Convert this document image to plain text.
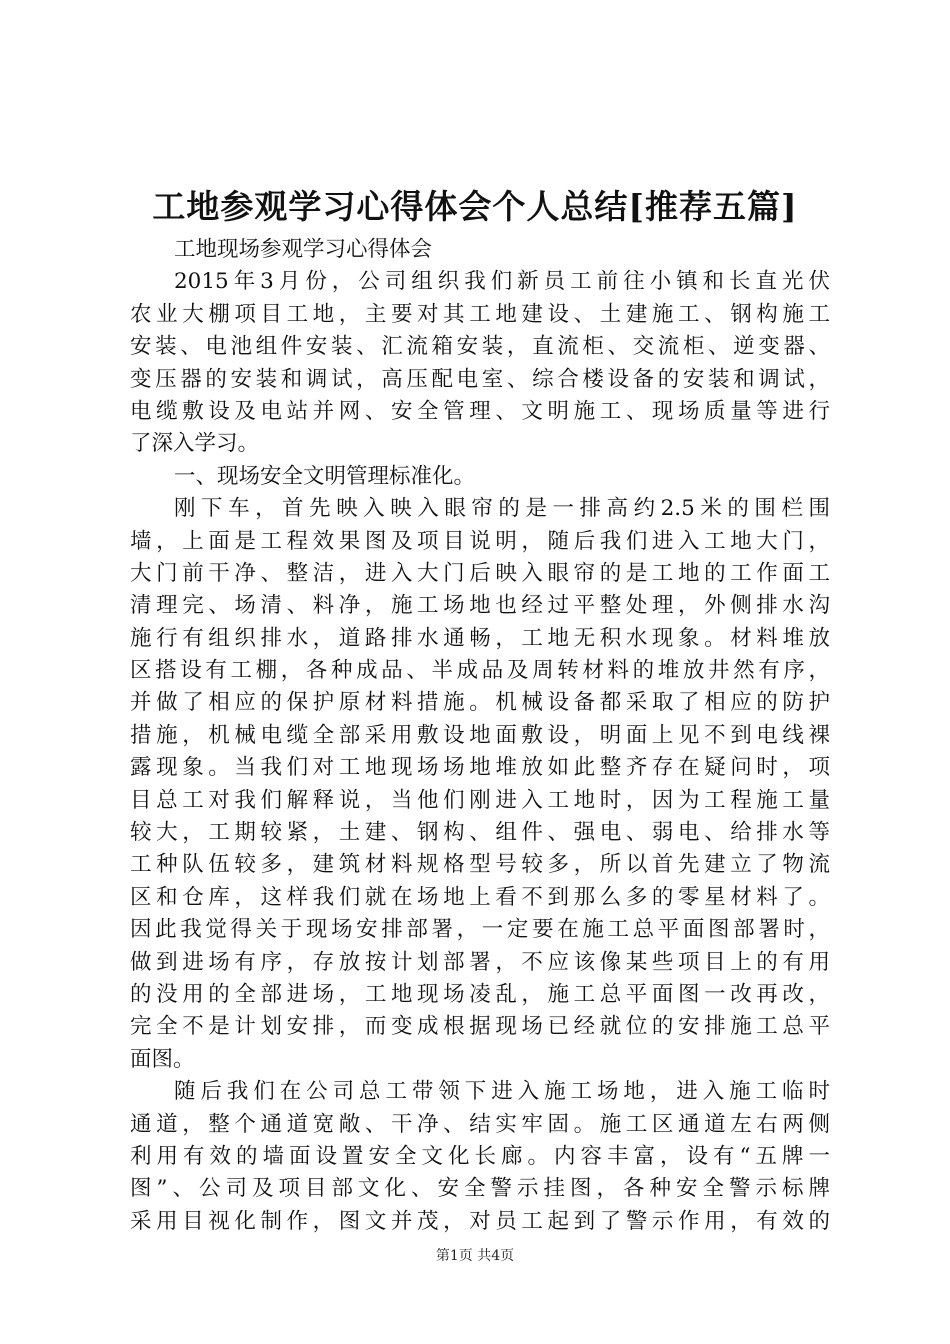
工地参观学习心得体会个人总结[推荐五篇]
工地现场参观学习心得体会
2015年3月份，公司组织我们新员工前往小镇和长直光伏
农业大棚项目工地，主要对其工地建设、土建施工、钢构施工
安装、电池组件安装、汇流箱安装，直流柜、交流柜、逆变器、
变压器的安装和调试，高压配电室、综合楼设备的安装和调试，
电缆敷设及电站并网、安全管理、文明施工、现场质量等进行
了深入学习。
一、现场安全文明管理标准化。
刚下车，首先映入映入眼帘的是一排高约2.5米的围栏围
墙，上面是工程效果图及项目说明，随后我们进入工地大门，
大门前干净、整洁，进入大门后映入眼帘的是工地的工作面工
清理完、场清、料净，施工场地也经过平整处理，外侧排水沟
施行有组织排水，道路排水通畅，工地无积水现象。材料堆放
区搭设有工棚，各种成品、半成品及周转材料的堆放井然有序，
并做了相应的保护原材料措施。机械设备都采取了相应的防护
措施，机械电缆全部采用敷设地面敷设，明面上见不到电线裸
露现象。当我们对工地现场场地堆放如此整齐存在疑问时，项
目总工对我们解释说，当他们刚进入工地时，因为工程施工量
较大，工期较紧，土建、钢构、组件、强电、弱电、给排水等
工种队伍较多，建筑材料规格型号较多，所以首先建立了物流
区和仓库，这样我们就在场地上看不到那么多的零星材料了。
因此我觉得关于现场安排部署，一定要在施工总平面图部署时，
做到进场有序，存放按计划部署，不应该像某些项目上的有用
的没用的全部进场，工地现场凌乱，施工总平面图一改再改，
完全不是计划安排，而变成根据现场已经就位的安排施工总平
面图。
随后我们在公司总工带领下进入施工场地，进入施工临时
通道，整个通道宽敞、干净、结实牢固。施工区通道左右两侧
利用有效的墙面设置安全文化长廊。内容丰富，设有“五牌一
图”、公司及项目部文化、安全警示挂图，各种安全警示标牌
采用目视化制作，图文并茂，对员工起到了警示作用，有效的
第1页 共4页
